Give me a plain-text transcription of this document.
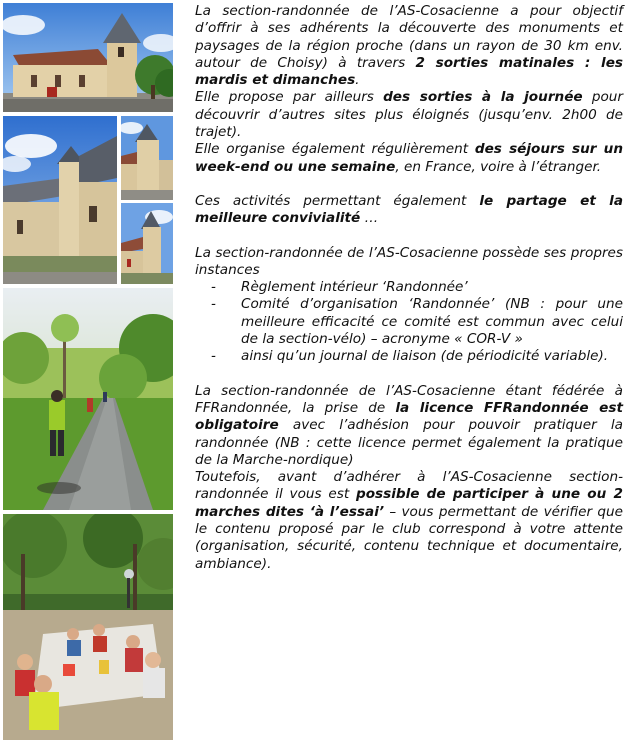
La section-randonnée de l’AS-Cosacienne a pour objectif d’offrir à ses adhérents la découverte des monuments et paysages de la région proche (dans un rayon de 30 km env. autour de Choisy) à travers 2 sorties matinales : les mardis et dimanches.

Elle propose par ailleurs des sorties à la journée pour découvrir d’autres sites plus éloignés (jusqu’env. 2h00 de trajet).

Elle organise également régulièrement des séjours sur un week-end ou une semaine, en France, voire à l’étranger.

Ces activités permettant également le partage et la meilleure convivialité …

La section-randonnée de l’AS-Cosacienne possède ses propres instances

- Règlement intérieur ‘Randonnée’
- Comité d’organisation ‘Randonnée’ (NB : pour une meilleure efficacité ce comité est commun avec celui de la section-vélo) – acronyme « COR-V »
- ainsi qu’un journal de liaison (de périodicité variable).

La section-randonnée de l’AS-Cosacienne étant fédérée à FFRandonnée, la prise de la licence FFRandonnée est obligatoire avec l’adhésion pour pouvoir pratiquer la randonnée (NB : cette licence permet également la pratique de la Marche-nordique)

Toutefois, avant d’adhérer à l’AS-Cosacienne section-randonnée il vous est possible de participer à une ou 2 marches dites ‘à l’essai’ – vous permettant de vérifier que le contenu proposé par le club correspond à votre attente (organisation, sécurité, contenu technique et documentaire, ambiance).
